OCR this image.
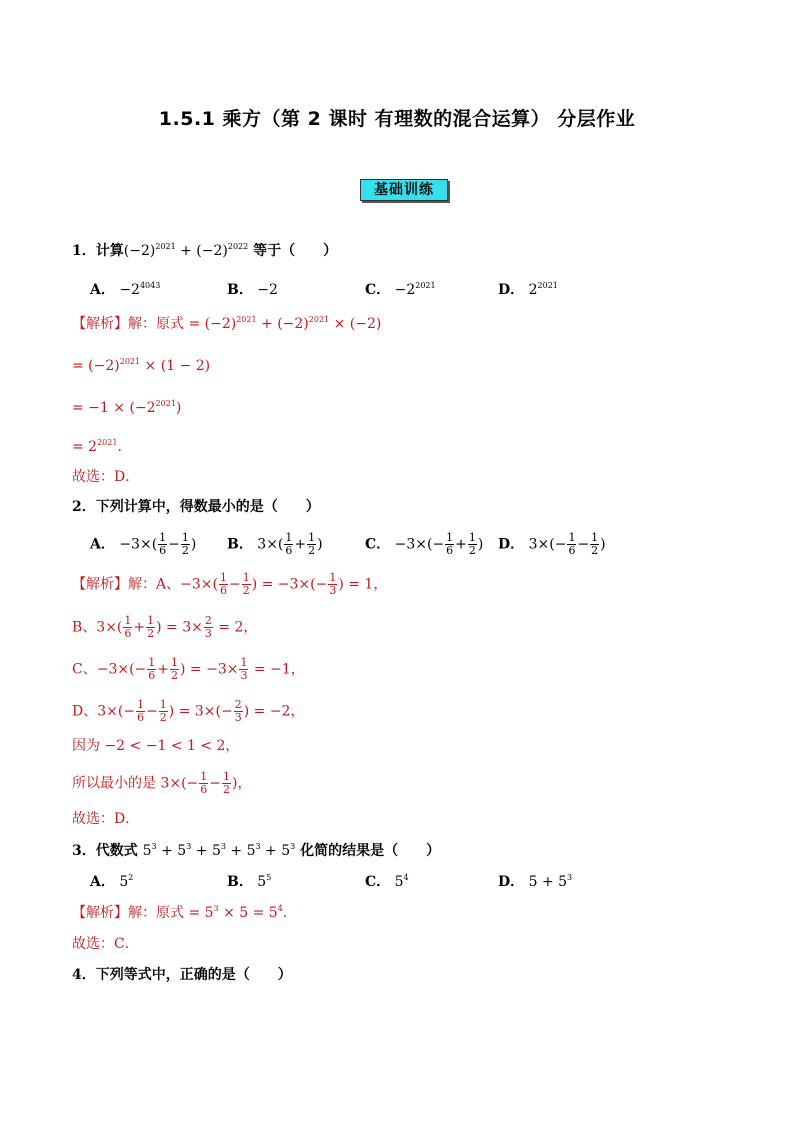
1.5.1 乘方（第 2 课时 有理数的混合运算） 分层作业
基础训练
1．计算$(-2)^{2021} + (-2)^{2022}$ 等于（　　）
A． $-2^{4043}$	B． −2	C． $-2^{2021}$	D． $2^{2021}$
【解析】解：原式 = $(-2)^{2021} + (-2)^{2021} \times (-2)$
= $(-2)^{2021} \times (1 - 2)$
= $-1 \times (-2^{2021})$
= $2^{2021}$.
故选：D．
2．下列计算中，得数最小的是（　　）
A． $-3\times( \frac{1}{6} - \frac{1}{2}$ ) B． $3\times( \frac{1}{6} + \frac{1}{2}$ )	C． $-3\times(- \frac{1}{6} + \frac{1}{2}$ ) D． $3\times(- \frac{1}{6} - \frac{1}{2}$ )
【解析】解：A、$-3\times( \frac{1}{6} - \frac{1}{2}$ ) = $-3\times(- \frac{1}{3}$ ) = 1，
B、$3\times( \frac{1}{6} + \frac{1}{2}$ ) = $3\times \frac{2}{3} = 2$，
C、$-3\times(- \frac{1}{6} + \frac{1}{2}$ ) = $-3\times \frac{1}{3} = -1$，
D、$3\times(- \frac{1}{6} - \frac{1}{2}$ ) = $3\times(- \frac{2}{3}$ ) = −2，
因为 −2 < −1 < 1 < 2，
所以最小的是 $3\times(- \frac{1}{6} - \frac{1}{2}$ )，
故选：D．
3．代数式 $5^3 + 5^3 + 5^3 + 5^3 + 5^3$ 化简的结果是（　　）
A． $5^2$	B． $5^5$	C． $5^4$	D． $5 + 5^3$
【解析】解：原式 = $5^3 \times 5 = 5^4$．
故选：C．
4．下列等式中，正确的是（　　）
